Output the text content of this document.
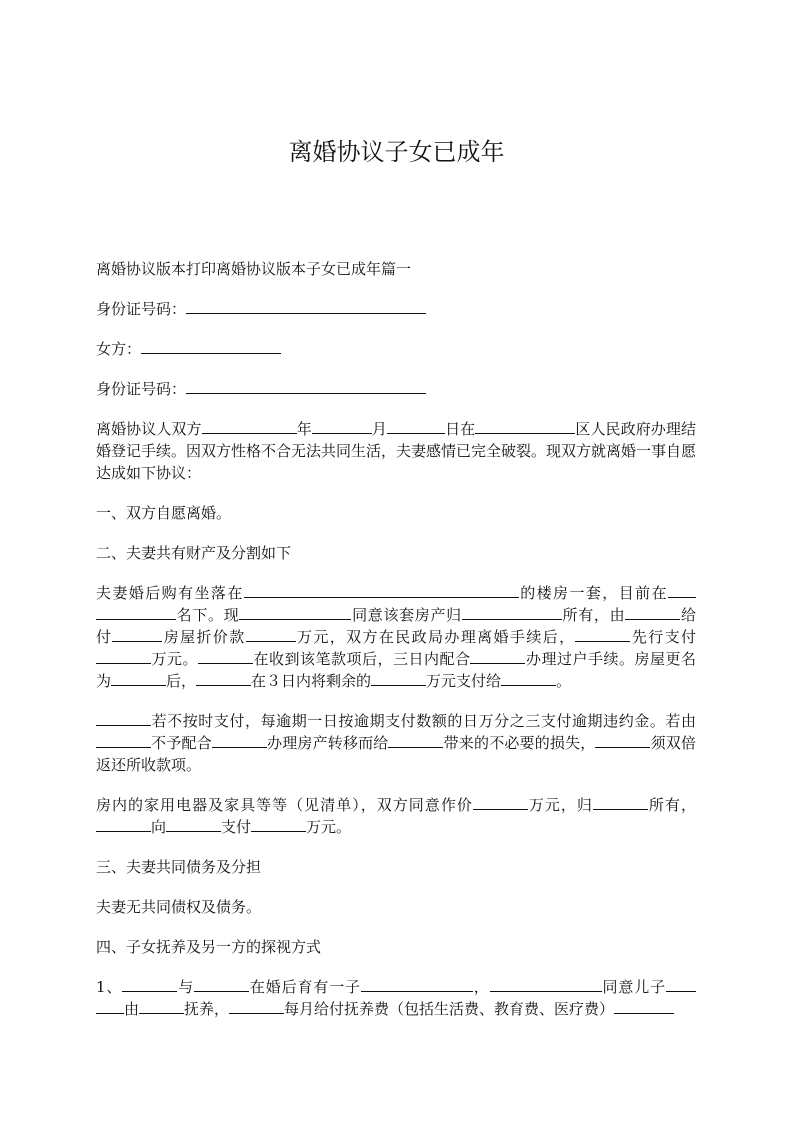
离婚协议子女已成年

离婚协议版本打印离婚协议版本子女已成年篇一

身份证号码：

女方：

身份证号码：

离婚协议人双方	年	月	日在	区人民政府办理结婚登记手续。因双方性格不合无法共同生活，夫妻感情已完全破裂。现双方就离婚一事自愿达成如下协议：

一、双方自愿离婚。

二、夫妻共有财产及分割如下

夫妻婚后购有坐落在	的楼房一套，目前在名下。现	同意该套房产归	所有，由	给付	房屋折价款	万元，双方在民政局办理离婚手续后，	先行支付万元。	在收到该笔款项后，三日内配合	办理过户手续。房屋更名为	后，	在３日内将剩余的	万元支付给	。

若不按时支付，每逾期一日按逾期支付数额的日万分之三支付逾期违约金。若由不予配合	办理房产转移而给	带来的不必要的损失，	须双倍返还所收款项。

房内的家用电器及家具等等（见清单），双方同意作价	万元，归	所有，向	支付	万元。

三、夫妻共同债务及分担

夫妻无共同债权及债务。

四、子女抚养及另一方的探视方式

1、	与	在婚后育有一子	，	同意儿子由	抚养，	每月给付抚养费（包括生活费、教育费、医疗费）
